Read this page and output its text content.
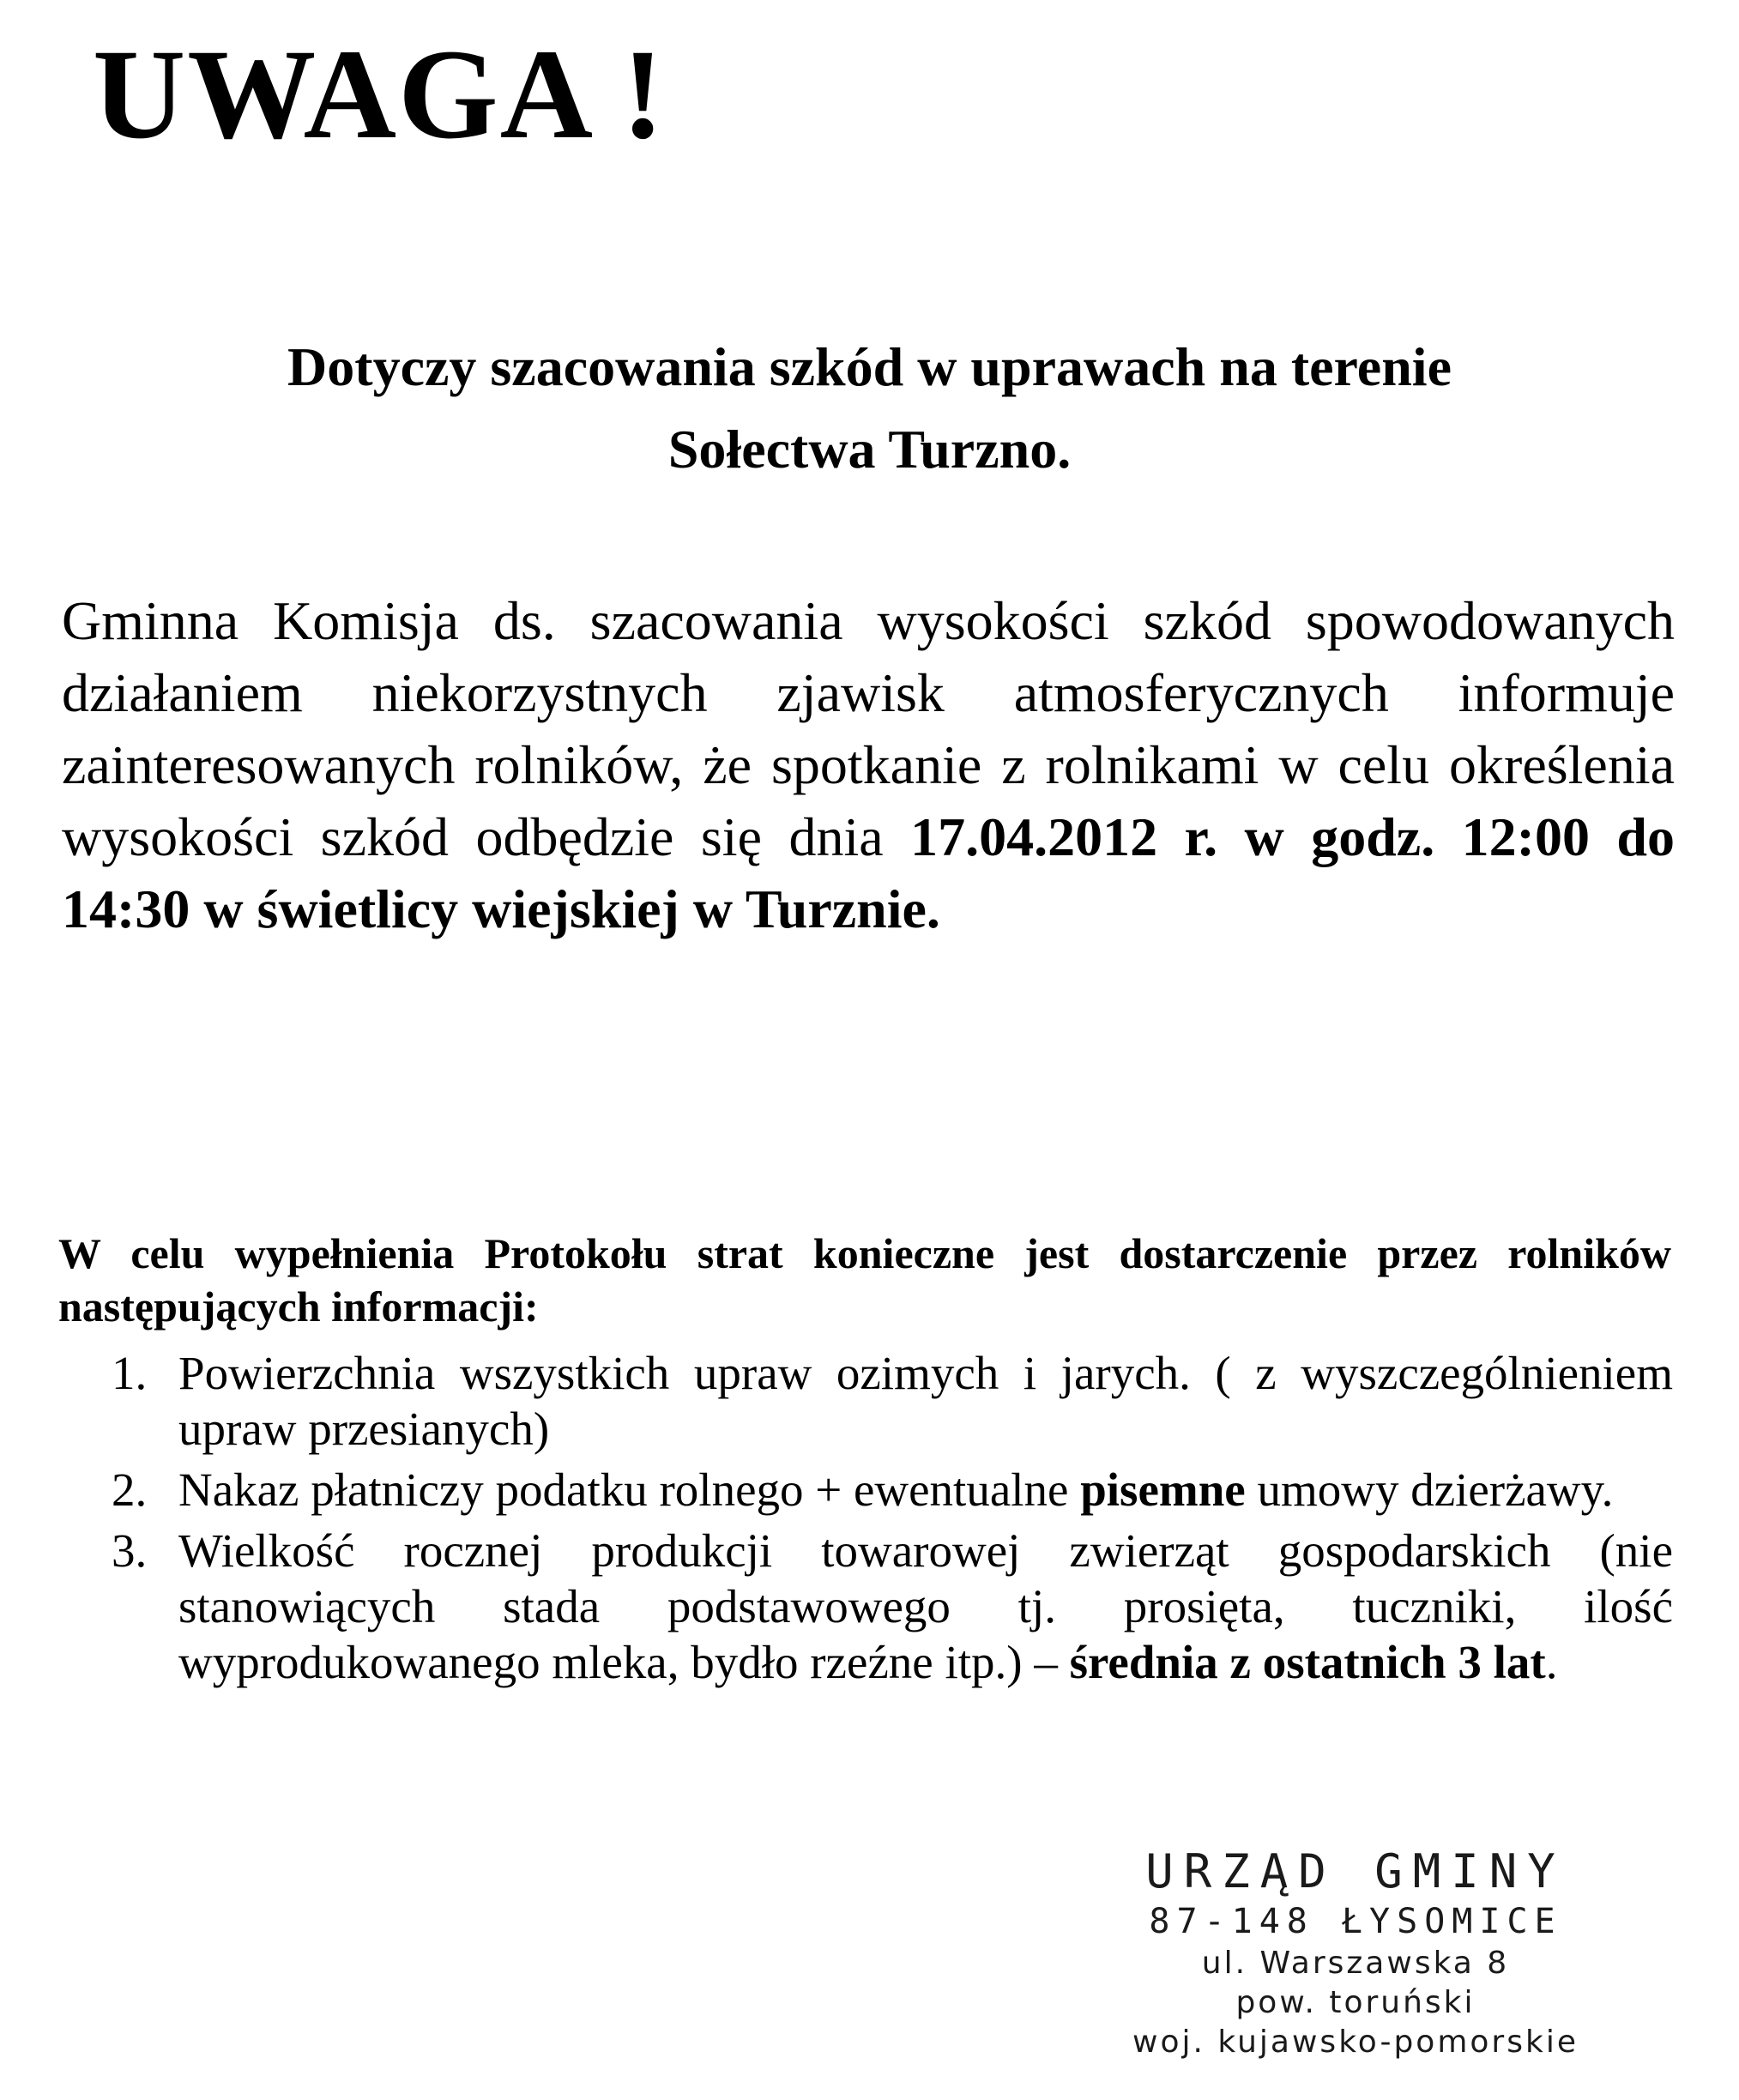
UWAGA !
Dotyczy szacowania szkód w uprawach na terenie
Sołectwa Turzno.
Gminna Komisja ds. szacowania wysokości szkód spowodowanych działaniem niekorzystnych zjawisk atmosferycznych informuje zainteresowanych rolników, że spotkanie z rolnikami w celu określenia wysokości szkód odbędzie się dnia 17.04.2012 r. w godz. 12:00 do 14:30 w świetlicy wiejskiej w Turznie.
W celu wypełnienia Protokołu strat konieczne jest dostarczenie przez rolników następujących informacji:
1. Powierzchnia wszystkich upraw ozimych i jarych. ( z wyszczególnieniem upraw przesianych)
2. Nakaz płatniczy podatku rolnego + ewentualne pisemne umowy dzierżawy.
3. Wielkość rocznej produkcji towarowej zwierząt gospodarskich (nie stanowiących stada podstawowego tj. prosięta, tuczniki, ilość wyprodukowanego mleka, bydło rzeźne itp.) – średnia z ostatnich 3 lat.
URZĄD GMINY
87-148 ŁYSOMICE
ul. Warszawska 8
pow. toruński
woj. kujawsko-pomorskie
